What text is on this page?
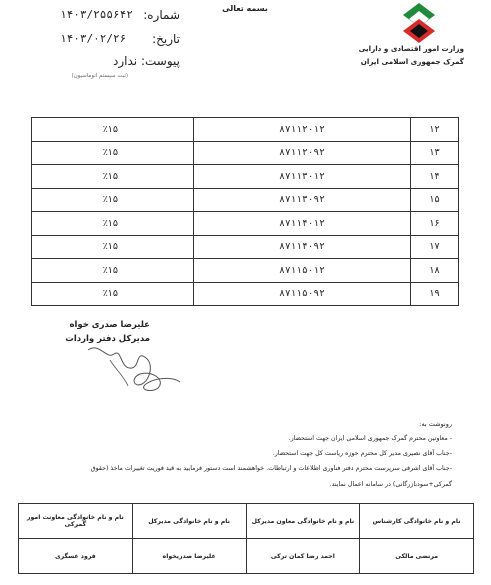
بسمه تعالی
وزارت امور اقتصادی و دارایی
گمرک جمهوری اسلامی ایران
شماره:
۱۴۰۳/۲۵۵۶۴۲
تاریخ:
۱۴۰۳/۰۲/۲۶
پیوست: ندارد
(ثبت سیستم اتوماسیون)
٪۱۵	۸۷۱۱۲۰۱۲	۱۲
٪۱۵	۸۷۱۱۲۰۹۲	۱۳
٪۱۵	۸۷۱۱۳۰۱۲	۱۴
٪۱۵	۸۷۱۱۳۰۹۲	۱۵
٪۱۵	۸۷۱۱۴۰۱۲	۱۶
٪۱۵	۸۷۱۱۴۰۹۲	۱۷
٪۱۵	۸۷۱۱۵۰۱۲	۱۸
٪۱۵	۸۷۱۱۵۰۹۲	۱۹
علیرضا صدری خواه
مدیرکل دفتر واردات
رونوشت به:
- معاونین محترم گمرک جمهوری اسلامی ایران جهت استحضار.
-جناب آقای نصیری مدیر کل محترم حوزه ریاست کل جهت استحضار.
-جناب آقای اشرفی سرپرست محترم دفتر فناوری اطلاعات و ارتباطات. خواهشمند است دستور فرمایید به قید فوریت تغییرات ماخذ (حقوق
گمرکی+سودبازرگانی) در سامانه اعمال نمایند.
نام و نام خانوادگی کارشناس	نام و نام خانوادگی معاون مدیرکل	نام و نام خانوادگی مدیرکل	نام و نام خانوادگی معاونت امور گمرکی
مرتضی مالکی	احمد رضا کمان ترکی	علیرضا صدریخواه	فرود عسگری
